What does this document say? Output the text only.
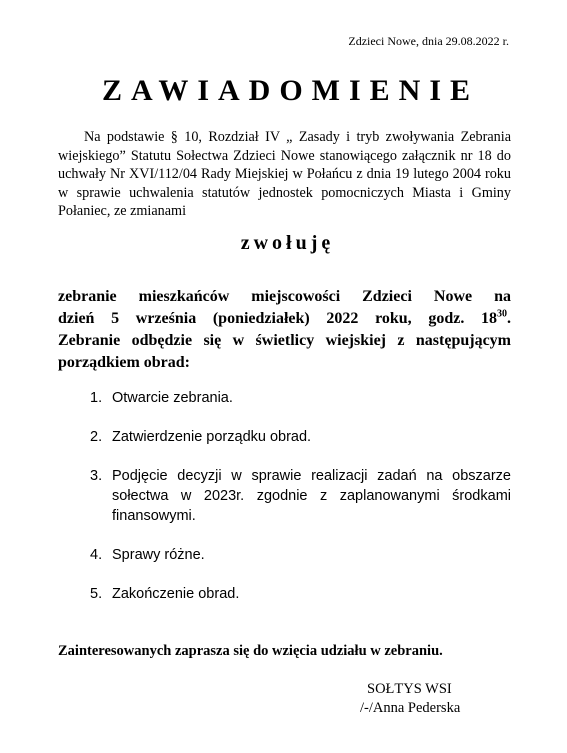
Zdzieci Nowe, dnia 29.08.2022 r.
ZAWIADOMIENIE
Na podstawie § 10, Rozdział IV „ Zasady i tryb zwoływania Zebrania wiejskiego” Statutu Sołectwa Zdzieci Nowe stanowiącego załącznik nr 18 do uchwały Nr XVI/112/04 Rady Miejskiej w Połańcu z dnia 19 lutego 2004 roku w sprawie uchwalenia statutów jednostek pomocniczych Miasta i Gminy Połaniec, ze zmianami
zwołuję
zebranie mieszkańców miejscowości Zdzieci Nowe na
dzień 5 września (poniedziałek) 2022 roku, godz. $18^{30}$.
Zebranie odbędzie się w świetlicy wiejskiej z następującym
porządkiem obrad:
1. Otwarcie zebrania.
2. Zatwierdzenie porządku obrad.
3. Podjęcie decyzji w sprawie realizacji zadań na obszarze
sołectwa w 2023r. zgodnie z zaplanowanymi środkami
finansowymi.
4. Sprawy różne.
5. Zakończenie obrad.
Zainteresowanych zaprasza się do wzięcia udziału w zebraniu.
SOŁTYS WSI
/-/Anna Pederska
